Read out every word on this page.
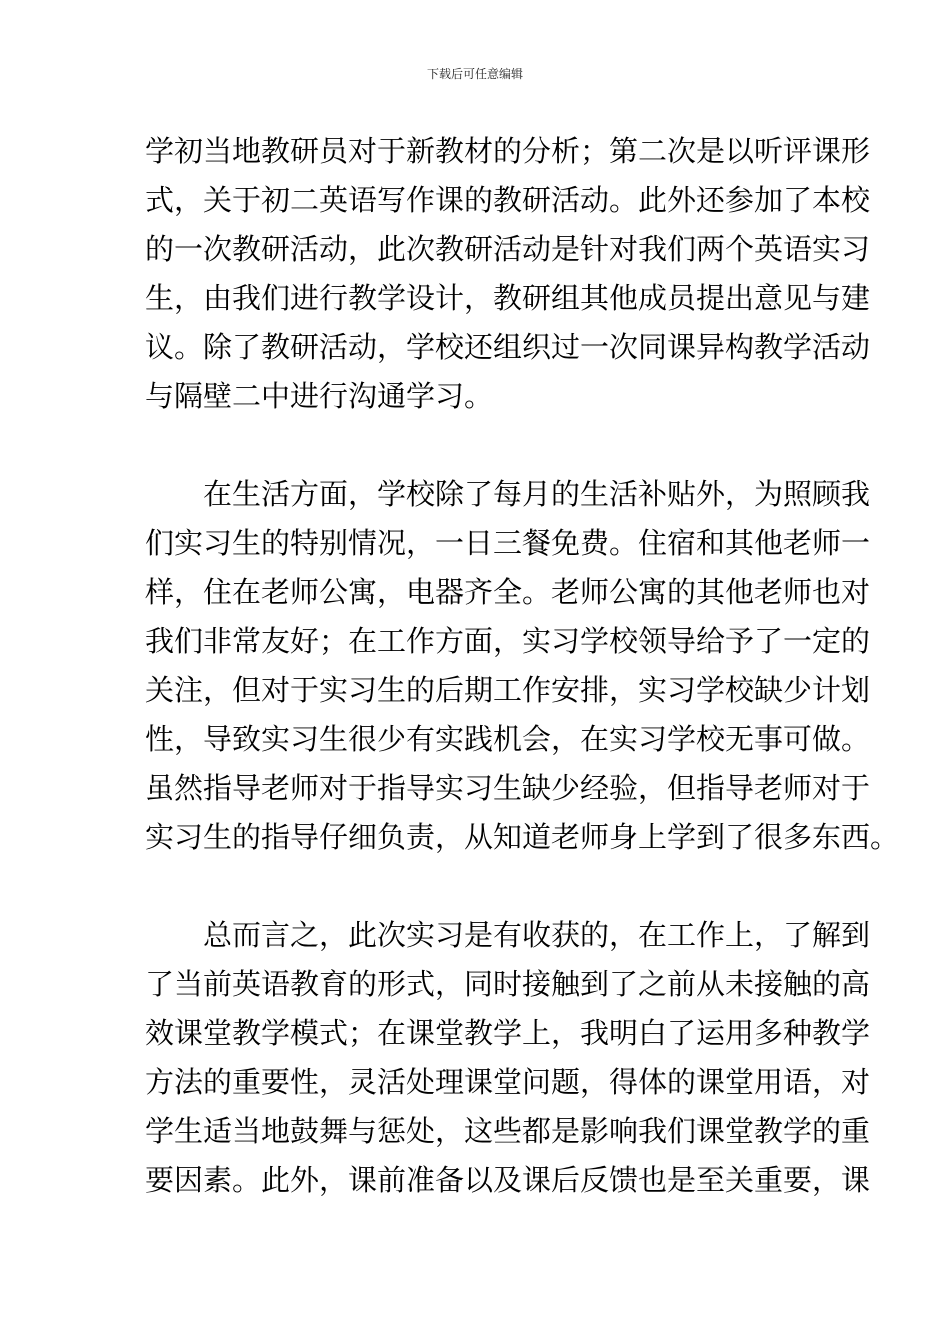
下载后可任意编辑
学初当地教研员对于新教材的分析；第二次是以听评课形
式，关于初二英语写作课的教研活动。此外还参加了本校
的一次教研活动，此次教研活动是针对我们两个英语实习
生，由我们进行教学设计，教研组其他成员提出意见与建
议。除了教研活动，学校还组织过一次同课异构教学活动
与隔壁二中进行沟通学习。
在生活方面，学校除了每月的生活补贴外，为照顾我
们实习生的特别情况，一日三餐免费。住宿和其他老师一
样，住在老师公寓，电器齐全。老师公寓的其他老师也对
我们非常友好；在工作方面，实习学校领导给予了一定的
关注，但对于实习生的后期工作安排，实习学校缺少计划
性，导致实习生很少有实践机会，在实习学校无事可做。
虽然指导老师对于指导实习生缺少经验，但指导老师对于
实习生的指导仔细负责，从知道老师身上学到了很多东西。
总而言之，此次实习是有收获的，在工作上，了解到
了当前英语教育的形式，同时接触到了之前从未接触的高
效课堂教学模式；在课堂教学上，我明白了运用多种教学
方法的重要性，灵活处理课堂问题，得体的课堂用语，对
学生适当地鼓舞与惩处，这些都是影响我们课堂教学的重
要因素。此外，课前准备以及课后反馈也是至关重要，课
